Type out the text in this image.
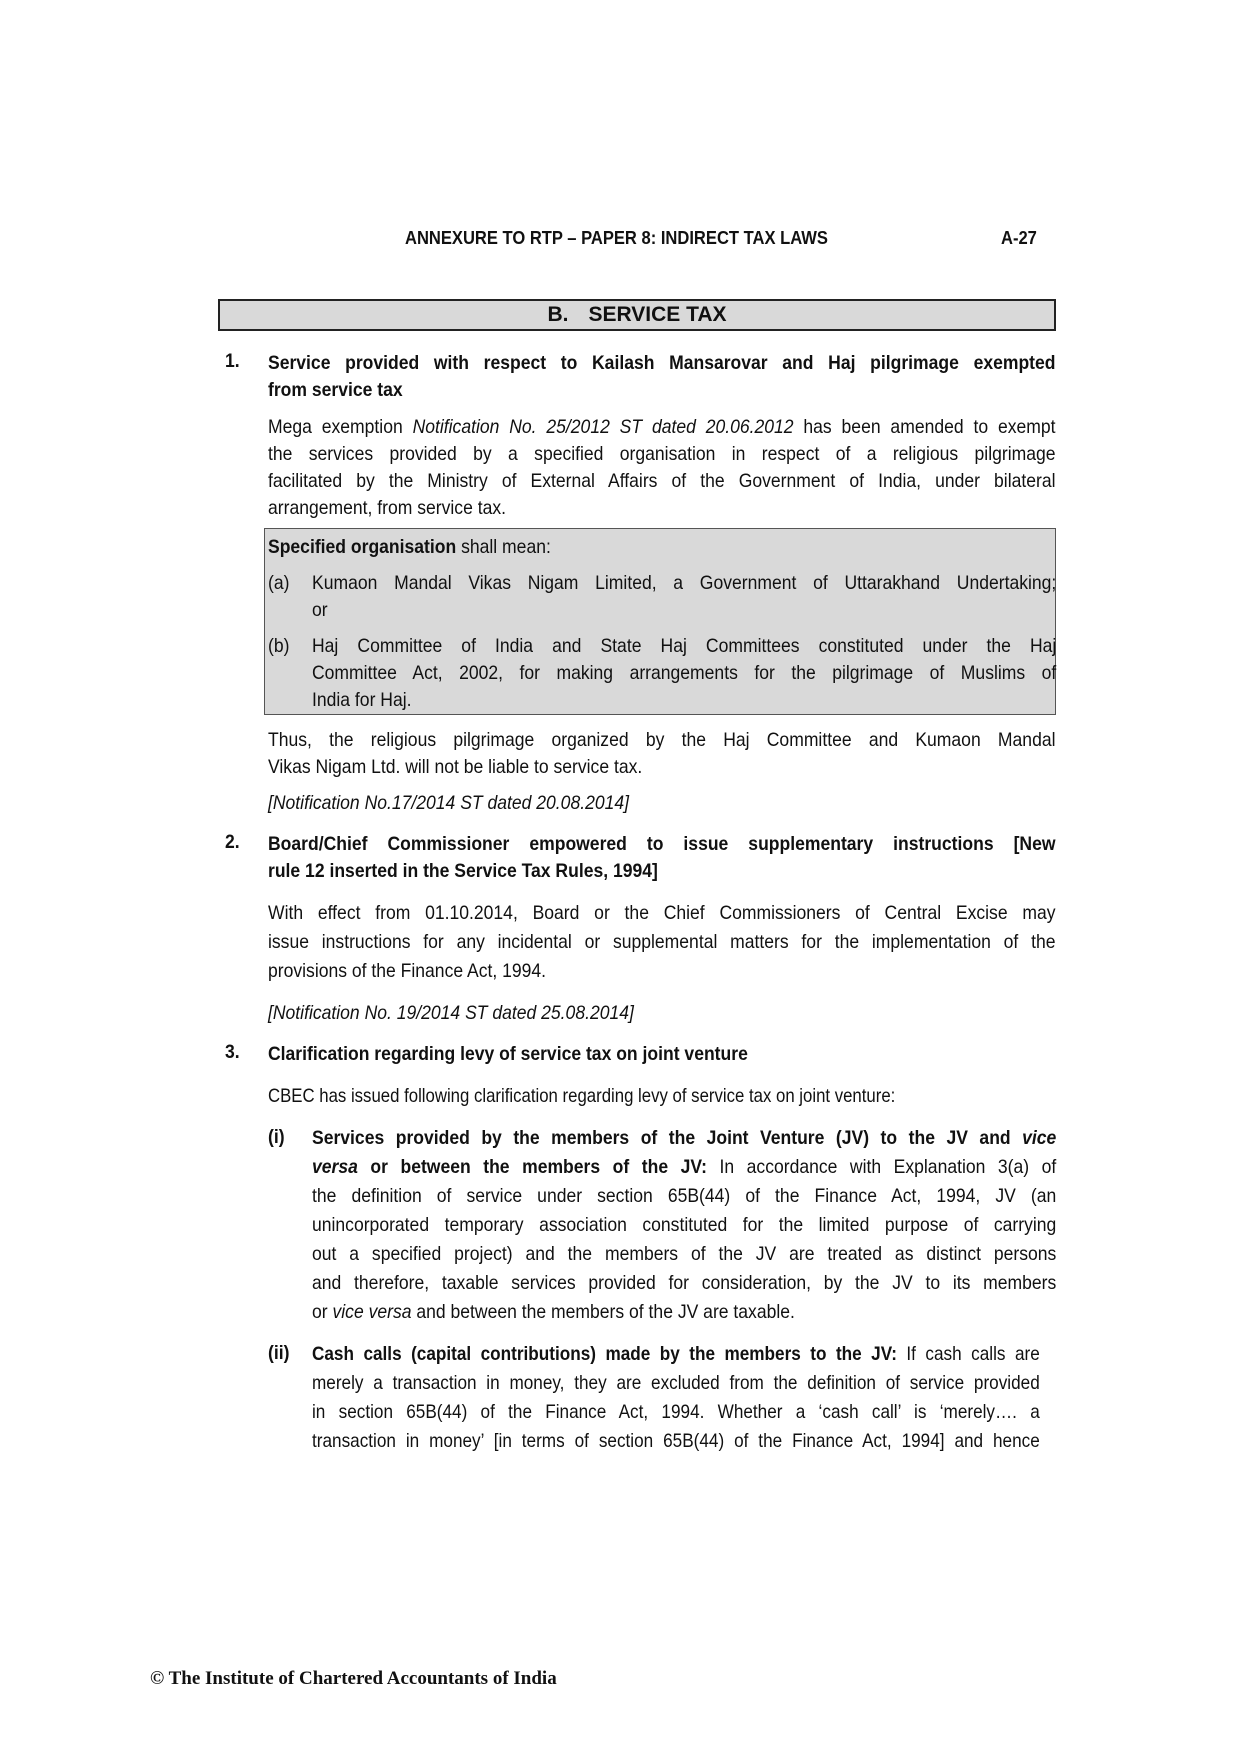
ANNEXURE TO RTP – PAPER 8: INDIRECT TAX LAWS	A-27
B. SERVICE TAX
1. Service provided with respect to Kailash Mansarovar and Haj pilgrimage exempted
from service tax
Mega exemption Notification No. 25/2012 ST dated 20.06.2012 has been amended to exempt
the services provided by a specified organisation in respect of a religious pilgrimage
facilitated by the Ministry of External Affairs of the Government of India, under bilateral
arrangement, from service tax.
Specified organisation shall mean:
(a) Kumaon Mandal Vikas Nigam Limited, a Government of Uttarakhand Undertaking;
or
(b) Haj Committee of India and State Haj Committees constituted under the Haj
Committee Act, 2002, for making arrangements for the pilgrimage of Muslims of
India for Haj.
Thus, the religious pilgrimage organized by the Haj Committee and Kumaon Mandal
Vikas Nigam Ltd. will not be liable to service tax.
[Notification No.17/2014 ST dated 20.08.2014]
2. Board/Chief Commissioner empowered to issue supplementary instructions [New
rule 12 inserted in the Service Tax Rules, 1994]
With effect from 01.10.2014, Board or the Chief Commissioners of Central Excise may
issue instructions for any incidental or supplemental matters for the implementation of the
provisions of the Finance Act, 1994.
[Notification No. 19/2014 ST dated 25.08.2014]
3. Clarification regarding levy of service tax on joint venture
CBEC has issued following clarification regarding levy of service tax on joint venture:
(i) Services provided by the members of the Joint Venture (JV) to the JV and vice
versa or between the members of the JV: In accordance with Explanation 3(a) of
the definition of service under section 65B(44) of the Finance Act, 1994, JV (an
unincorporated temporary association constituted for the limited purpose of carrying
out a specified project) and the members of the JV are treated as distinct persons
and therefore, taxable services provided for consideration, by the JV to its members
or vice versa and between the members of the JV are taxable.
(ii) Cash calls (capital contributions) made by the members to the JV: If cash calls are
merely a transaction in money, they are excluded from the definition of service provided
in section 65B(44) of the Finance Act, 1994. Whether a ‘cash call’ is ‘merely…. a
transaction in money’ [in terms of section 65B(44) of the Finance Act, 1994] and hence
© The Institute of Chartered Accountants of India
